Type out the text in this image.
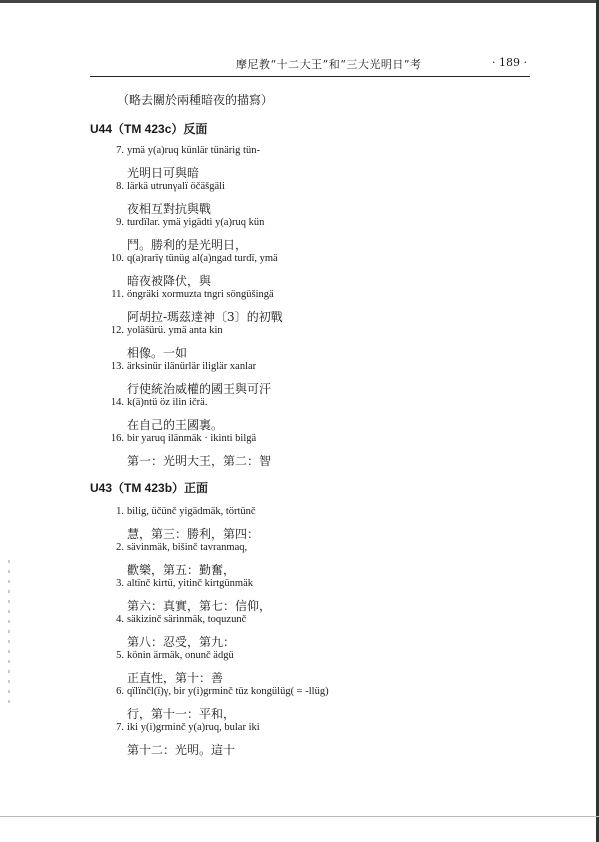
摩尼教“十二大王”和“三大光明日”考	· 189 ·
（略去關於兩種暗夜的描寫）
U44（TM 423c）反面
7. ymä y(a)ruq künlär tünärig tün-
光明日可與暗
8. lärkä utrunγalï öčäšgäli
夜相互對抗與戰
9. turdïlar. ymä yigädti y(a)ruq kün
鬥。勝利的是光明日，
10. q(a)rarïγ tünüg al(a)ngad turdï, ymä
暗夜被降伏，與
11. öngräki xormuzta tngri söngüšingä
阿胡拉-瑪茲達神〔3〕的初戰
12. yoläšürü. ymä anta kin
相像。一如
13. ärksinür ilänürlär iliglär xanlar
行使統治威權的國王與可汗
14. k(ä)ntü öz ilin ičrä.
在自己的王國裏。
16. bir yaruq ilänmäk · ikinti bilgä
第一：光明大王，第二：智
U43（TM 423b）正面
1. bilig, üčünč yigädmäk, törtünč
慧，第三：勝利，第四：
2. sävinmäk, bišinč tavranmaq,
歡樂，第五：勤奮，
3. altïnč kirtü, yitinč kirtgünmäk
第六：真實，第七：信仰，
4. säkizinč särinmäk, toquzunč
第八：忍受，第九：
5. könin ärmäk, onunč ädgü
正直性，第十：善
6. qïlïnčl(ï)γ, bir y(i)grminč tüz kongülüg( = -llüg)
行，第十一：平和，
7. iki y(i)grminč y(a)ruq, bular iki
第十二：光明。這十
